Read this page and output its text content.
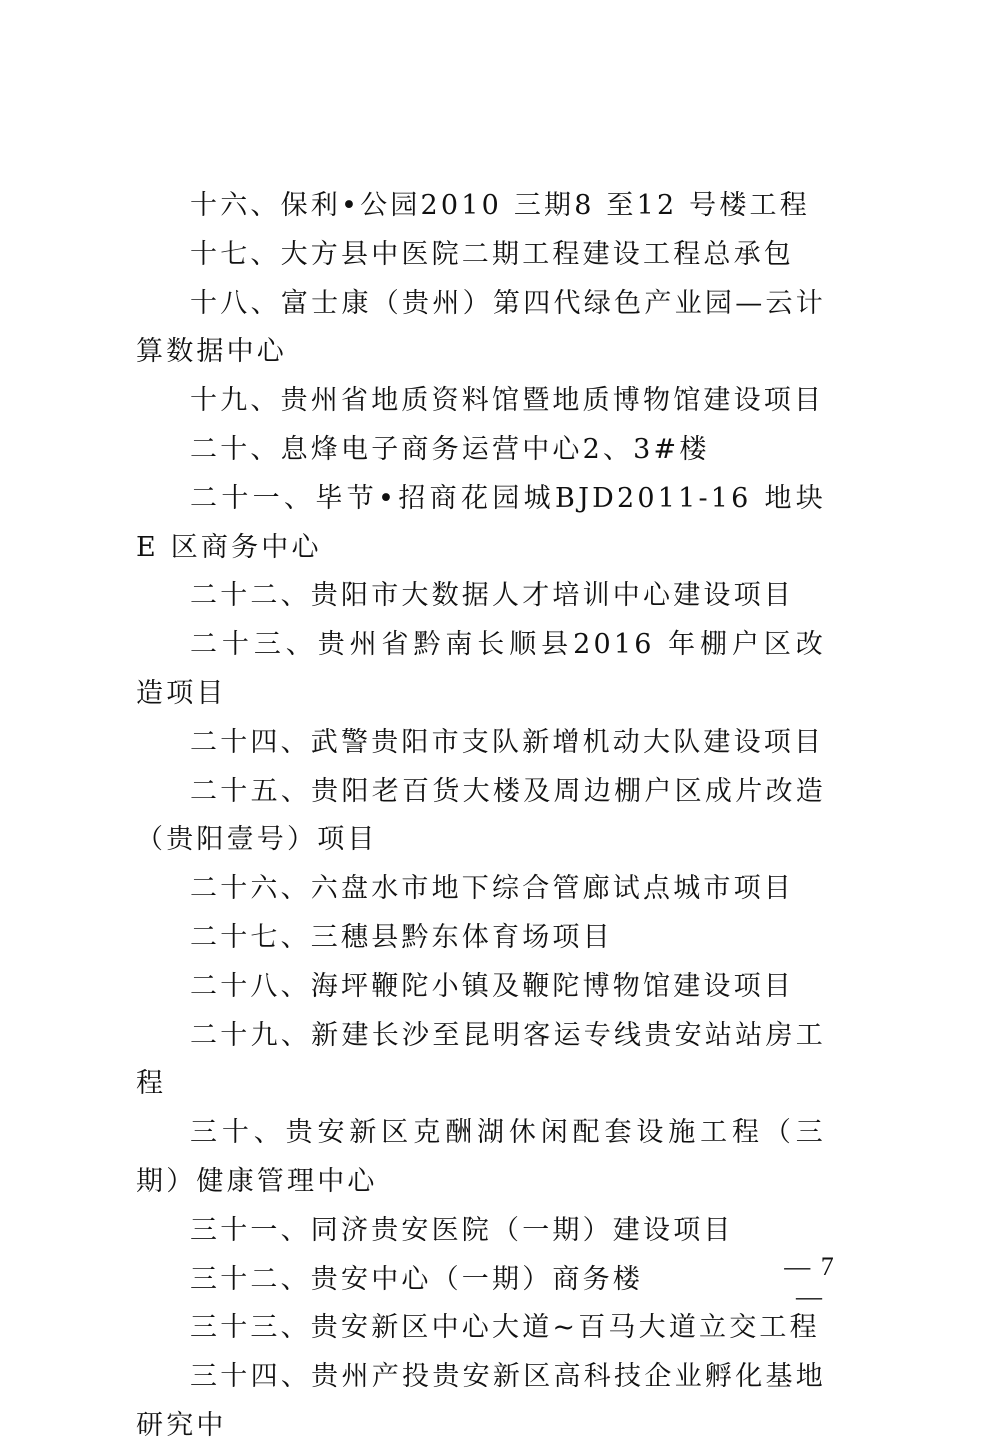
十六、保利•公园2010 三期8 至12 号楼工程

十七、大方县中医院二期工程建设工程总承包

十八、富士康（贵州）第四代绿色产业园—云计算数据中心

十九、贵州省地质资料馆暨地质博物馆建设项目

二十、息烽电子商务运营中心2、3#楼

二十一、毕节•招商花园城BJD2011-16 地块E 区商务中心

二十二、贵阳市大数据人才培训中心建设项目

二十三、贵州省黔南长顺县2016 年棚户区改造项目

二十四、武警贵阳市支队新增机动大队建设项目

二十五、贵阳老百货大楼及周边棚户区成片改造（贵阳壹号）项目

二十六、六盘水市地下综合管廊试点城市项目

二十七、三穗县黔东体育场项目

二十八、海坪鞭陀小镇及鞭陀博物馆建设项目

二十九、新建长沙至昆明客运专线贵安站站房工程

三十、贵安新区克酬湖休闲配套设施工程（三期）健康管理中心

三十一、同济贵安医院（一期）建设项目

三十二、贵安中心（一期）商务楼

三十三、贵安新区中心大道~百马大道立交工程

三十四、贵州产投贵安新区高科技企业孵化基地研究中

— 7 —
